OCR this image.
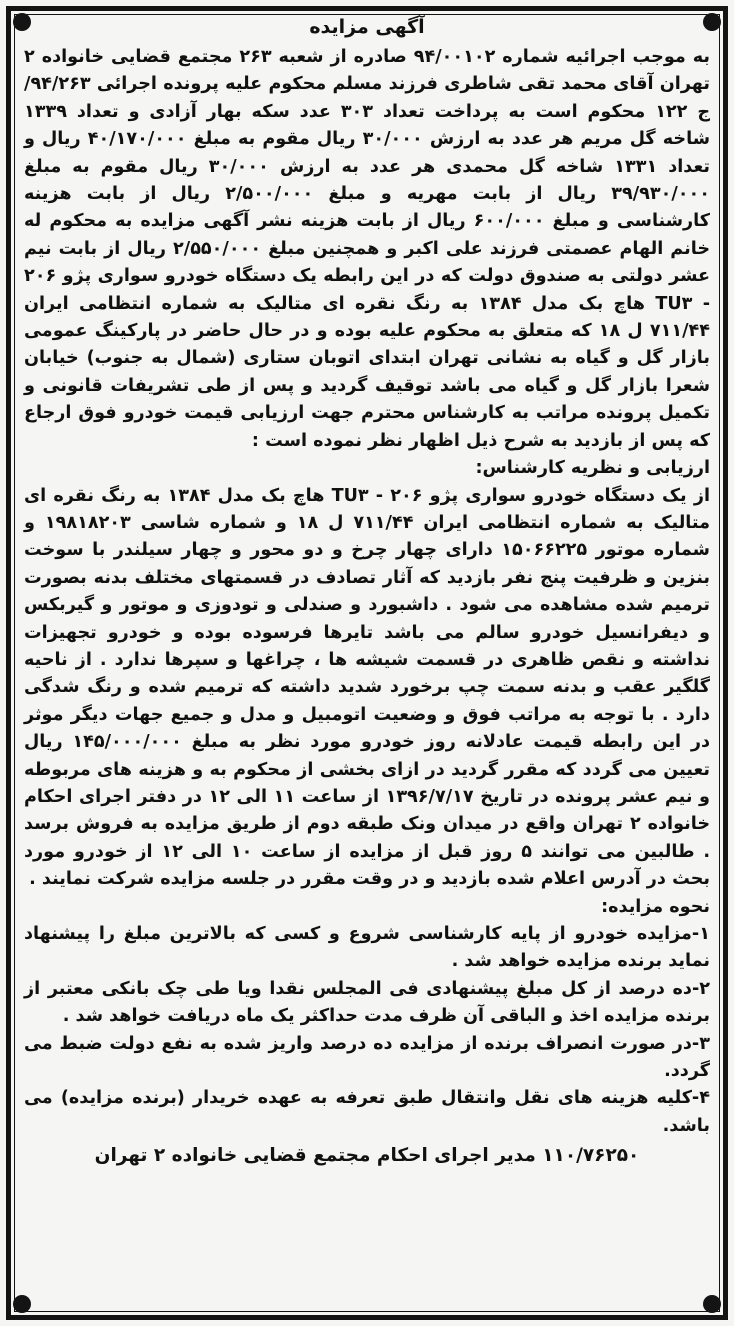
آگهی مزایده

به موجب اجرائیه شماره ۹۴/۰۰۱۰۲ صادره از شعبه ۲۶۳ مجتمع قضایی خانواده ۲ تهران آقای محمد تقی شاطری فرزند مسلم محکوم علیه پرونده اجرائی ۹۴/۲۶۳/ ج ۱۲۲ محکوم است به پرداخت تعداد ۳۰۳ عدد سکه بهار آزادی و تعداد ۱۳۳۹ شاخه گل مریم هر عدد به ارزش ۳۰/۰۰۰ ریال مقوم به مبلغ ۴۰/۱۷۰/۰۰۰ ریال و تعداد ۱۳۳۱ شاخه گل محمدی هر عدد به ارزش ۳۰/۰۰۰ ریال مقوم به مبلغ ۳۹/۹۳۰/۰۰۰ ریال از بابت مهریه و مبلغ ۲/۵۰۰/۰۰۰ ریال از بابت هزینه کارشناسی و مبلغ ۶۰۰/۰۰۰ ریال از بابت هزینه نشر آگهی مزایده به محکوم له خانم الهام عصمتی فرزند علی اکبر و همچنین مبلغ ۲/۵۵۰/۰۰۰ ریال از بابت نیم عشر دولتی به صندوق دولت که در این رابطه یک دستگاه خودرو سواری پژو ۲۰۶ - TU۳ هاچ بک مدل ۱۳۸۴ به رنگ نقره ای متالیک به شماره انتظامی ایران ۷۱۱/۴۴ ل ۱۸ که متعلق به محکوم علیه بوده و در حال حاضر در پارکینگ عمومی بازار گل و گیاه به نشانی تهران ابتدای اتوبان ستاری (شمال به جنوب) خیابان شعرا بازار گل و گیاه می باشد توقیف گردید و پس از طی تشریفات قانونی و تکمیل پرونده مراتب به کارشناس محترم جهت ارزیابی قیمت خودرو فوق ارجاع که پس از بازدید به شرح ذیل اظهار نظر نموده است :

ارزیابی و نظریه کارشناس:

از یک دستگاه خودرو سواری پژو ۲۰۶ - TU۳ هاچ بک مدل ۱۳۸۴ به رنگ نقره ای متالیک به شماره انتظامی ایران ۷۱۱/۴۴ ل ۱۸ و شماره شاسی ۱۹۸۱۸۲۰۳ و شماره موتور ۱۵۰۶۶۲۲۵ دارای چهار چرخ و دو محور و چهار سیلندر با سوخت بنزین و ظرفیت پنج نفر بازدید که آثار تصادف در قسمتهای مختلف بدنه بصورت ترمیم شده مشاهده می شود . داشبورد و صندلی و تودوزی و موتور و گیربکس و دیفرانسیل خودرو سالم می باشد تایرها فرسوده بوده و خودرو تجهیزات نداشته و نقص ظاهری در قسمت شیشه ها ، چراغها و سپرها ندارد . از ناحیه گلگیر عقب و بدنه سمت چپ برخورد شدید داشته که ترمیم شده و رنگ شدگی دارد . با توجه به مراتب فوق و وضعیت اتومبیل و مدل و جمیع جهات دیگر موثر در این رابطه قیمت عادلانه روز خودرو مورد نظر به مبلغ ۱۴۵/۰۰۰/۰۰۰ ریال تعیین می گردد که مقرر گردید در ازای بخشی از محکوم به و هزینه های مربوطه و نیم عشر پرونده در تاریخ ۱۳۹۶/۷/۱۷ از ساعت ۱۱ الی ۱۲ در دفتر اجرای احکام خانواده ۲ تهران واقع در میدان ونک طبقه دوم از طریق مزایده به فروش برسد . طالبین می توانند ۵ روز قبل از مزایده از ساعت ۱۰ الی ۱۲ از خودرو مورد بحث در آدرس اعلام شده بازدید و در وقت مقرر در جلسه مزایده شرکت نمایند .

نحوه مزایده:

۱-مزایده خودرو از پایه کارشناسی شروع و کسی که بالاترین مبلغ را پیشنهاد نماید برنده مزایده خواهد شد .

۲-ده درصد از کل مبلغ پیشنهادی فی المجلس نقدا ویا طی چک بانکی معتبر از برنده مزایده اخذ و الباقی آن ظرف مدت حداکثر یک ماه دریافت خواهد شد .

۳-در صورت انصراف برنده از مزایده ده درصد واریز شده به نفع دولت ضبط می گردد.

۴-کلیه هزینه های نقل وانتقال طبق تعرفه به عهده خریدار (برنده مزایده) می باشد.

۱۱۰/۷۶۲۵۰ مدیر اجرای احکام مجتمع قضایی خانواده ۲ تهران
